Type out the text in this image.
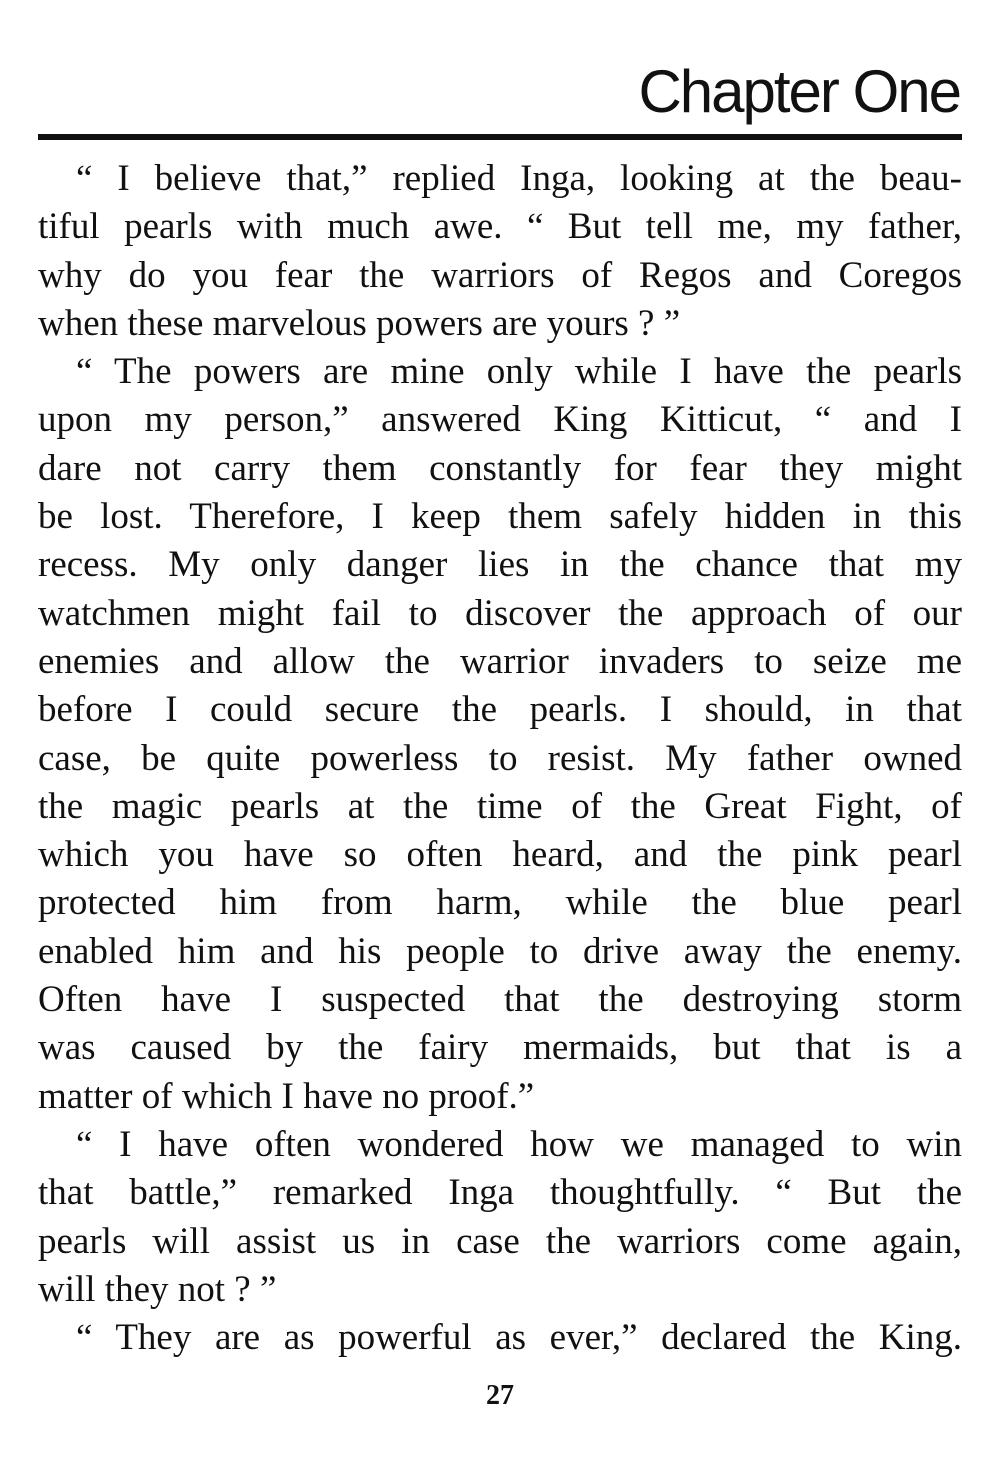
Chapter One
“ I believe that,” replied Inga, looking at the beau-
tiful pearls with much awe. “ But tell me, my father,
why do you fear the warriors of Regos and Coregos
when these marvelous powers are yours ? ”
“ The powers are mine only while I have the pearls
upon my person,” answered King Kitticut, “ and I
dare not carry them constantly for fear they might
be lost. Therefore, I keep them safely hidden in this
recess. My only danger lies in the chance that my
watchmen might fail to discover the approach of our
enemies and allow the warrior invaders to seize me
before I could secure the pearls. I should, in that
case, be quite powerless to resist. My father owned
the magic pearls at the time of the Great Fight, of
which you have so often heard, and the pink pearl
protected him from harm, while the blue pearl
enabled him and his people to drive away the enemy.
Often have I suspected that the destroying storm
was caused by the fairy mermaids, but that is a
matter of which I have no proof.”
“ I have often wondered how we managed to win
that battle,” remarked Inga thoughtfully. “ But the
pearls will assist us in case the warriors come again,
will they not ? ”
“ They are as powerful as ever,” declared the King.
27
